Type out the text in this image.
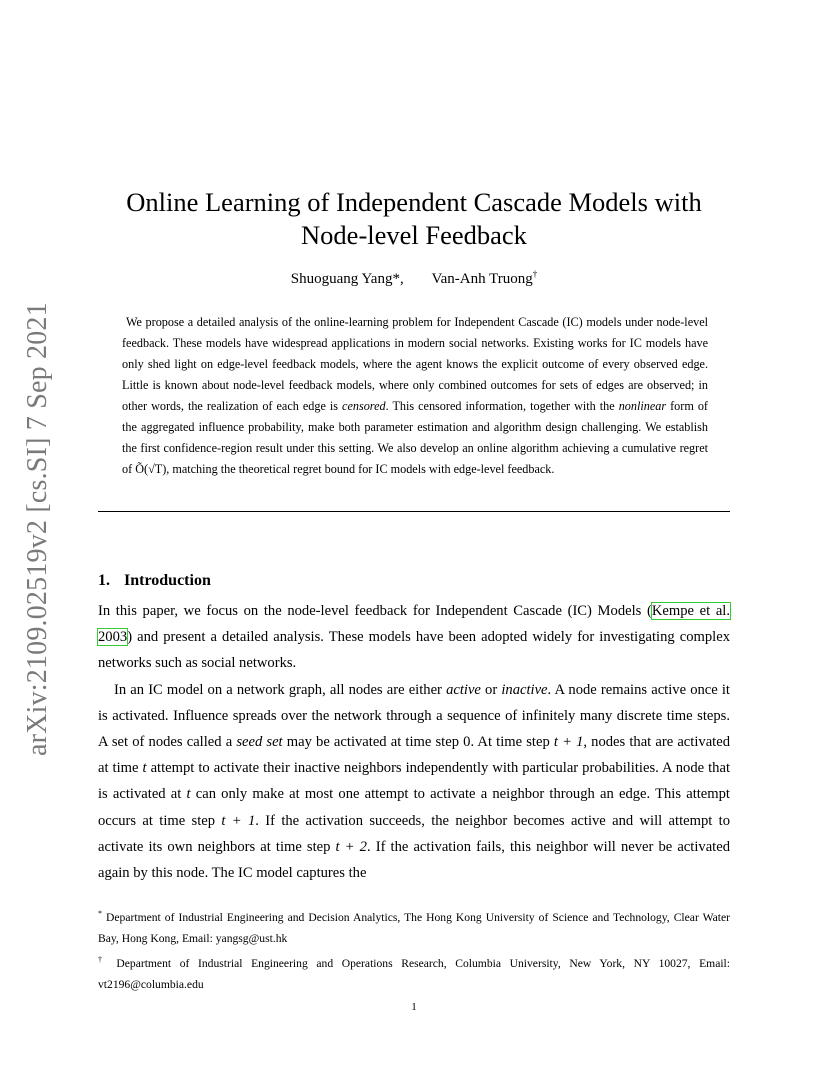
arXiv:2109.02519v2 [cs.SI] 7 Sep 2021
Online Learning of Independent Cascade Models with
Node-level Feedback
Shuoguang Yang*, Van-Anh Truong†
We propose a detailed analysis of the online-learning problem for Independent Cascade (IC) models under node-level feedback. These models have widespread applications in modern social networks. Existing works for IC models have only shed light on edge-level feedback models, where the agent knows the explicit outcome of every observed edge. Little is known about node-level feedback models, where only combined outcomes for sets of edges are observed; in other words, the realization of each edge is censored. This censored information, together with the nonlinear form of the aggregated influence probability, make both parameter estimation and algorithm design challenging. We establish the first confidence-region result under this setting. We also develop an online algorithm achieving a cumulative regret of Õ(√T), matching the theoretical regret bound for IC models with edge-level feedback.
1. Introduction

In this paper, we focus on the node-level feedback for Independent Cascade (IC) Models (Kempe et al. 2003) and present a detailed analysis. These models have been adopted widely for investigating complex networks such as social networks.

In an IC model on a network graph, all nodes are either active or inactive. A node remains active once it is activated. Influence spreads over the network through a sequence of infinitely many discrete time steps. A set of nodes called a seed set may be activated at time step 0. At time step t + 1, nodes that are activated at time t attempt to activate their inactive neighbors independently with particular probabilities. A node that is activated at t can only make at most one attempt to activate a neighbor through an edge. This attempt occurs at time step t + 1. If the activation succeeds, the neighbor becomes active and will attempt to activate its own neighbors at time step t + 2. If the activation fails, this neighbor will never be activated again by this node. The IC model captures the

* Department of Industrial Engineering and Decision Analytics, The Hong Kong University of Science and Technology, Clear Water Bay, Hong Kong, Email: yangsg@ust.hk

† Department of Industrial Engineering and Operations Research, Columbia University, New York, NY 10027, Email: vt2196@columbia.edu

1
